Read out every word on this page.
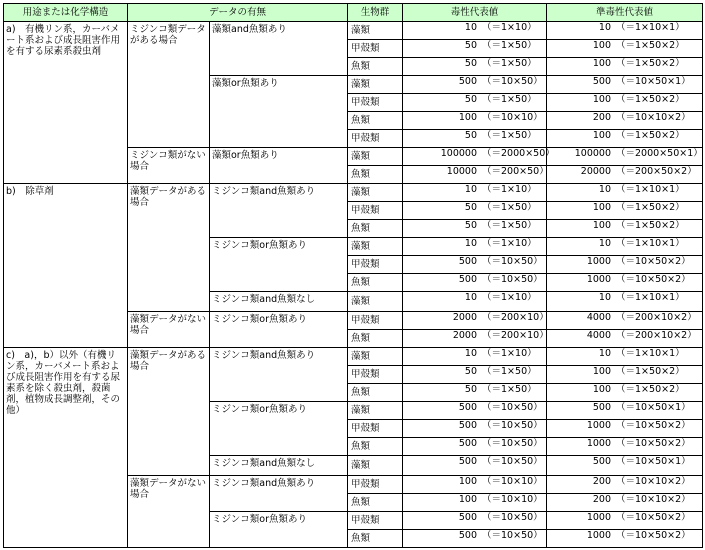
用途または化学構造	データの有無		生物群	毒性代表値	準毒性代表値
a)　有機リン系，カーバメート系および成長阻害作用を有する尿素系殺虫剤	ミジンコ類データがある場合	藻類and魚類あり	藻類	10 （＝1×10）	10 （＝1×10×1）
			甲殻類	50 （＝1×50）	100 （＝1×50×2）
			魚類	50 （＝1×50）	100 （＝1×50×2）
		藻類or魚類あり	藻類	500 （＝10×50）	500 （＝10×50×1）
			甲殻類	50 （＝1×50）	100 （＝1×50×2）
			魚類	100 （＝10×10）	200 （＝10×10×2）
			甲殻類	50 （＝1×50）	100 （＝1×50×2）
	ミジンコ類がない場合	藻類or魚類あり	藻類	100000 （＝2000×50）	100000 （＝2000×50×1）
			魚類	10000 （＝200×50）	20000 （＝200×50×2）
b)　除草剤	藻類データがある場合	ミジンコ類and魚類あり	藻類	10 （＝1×10）	10 （＝1×10×1）
			甲殻類	50 （＝1×50）	100 （＝1×50×2）
			魚類	50 （＝1×50）	100 （＝1×50×2）
		ミジンコ類or魚類あり	藻類	10 （＝1×10）	10 （＝1×10×1）
			甲殻類	500 （＝10×50）	1000 （＝10×50×2）
			魚類	500 （＝10×50）	1000 （＝10×50×2）
		ミジンコ類and魚類なし	藻類	10 （＝1×10）	10 （＝1×10×1）
	藻類データがない場合	ミジンコ類or魚類あり	甲殻類	2000 （＝200×10）	4000 （＝200×10×2）
			魚類	2000 （＝200×10）	4000 （＝200×10×2）
c)　a)，b）以外（有機リン系，カーバメート系および成長阻害作用を有する尿素系を除く殺虫剤，殺菌剤，植物成長調整剤，その他）	藻類データがある場合	ミジンコ類and魚類あり	藻類	10 （＝1×10）	10 （＝1×10×1）
			甲殻類	50 （＝1×50）	100 （＝1×50×2）
			魚類	50 （＝1×50）	100 （＝1×50×2）
		ミジンコ類or魚類あり	藻類	500 （＝10×50）	500 （＝10×50×1）
			甲殻類	500 （＝10×50）	1000 （＝10×50×2）
			魚類	500 （＝10×50）	1000 （＝10×50×2）
		ミジンコ類and魚類なし	藻類	500 （＝10×50）	500 （＝10×50×1）
	藻類データがない場合	ミジンコ類and魚類あり	甲殻類	100 （＝10×10）	200 （＝10×10×2）
			魚類	100 （＝10×10）	200 （＝10×10×2）
		ミジンコ類or魚類あり	甲殻類	500 （＝10×50）	1000 （＝10×50×2）
			魚類	500 （＝10×50）	1000 （＝10×50×2）
